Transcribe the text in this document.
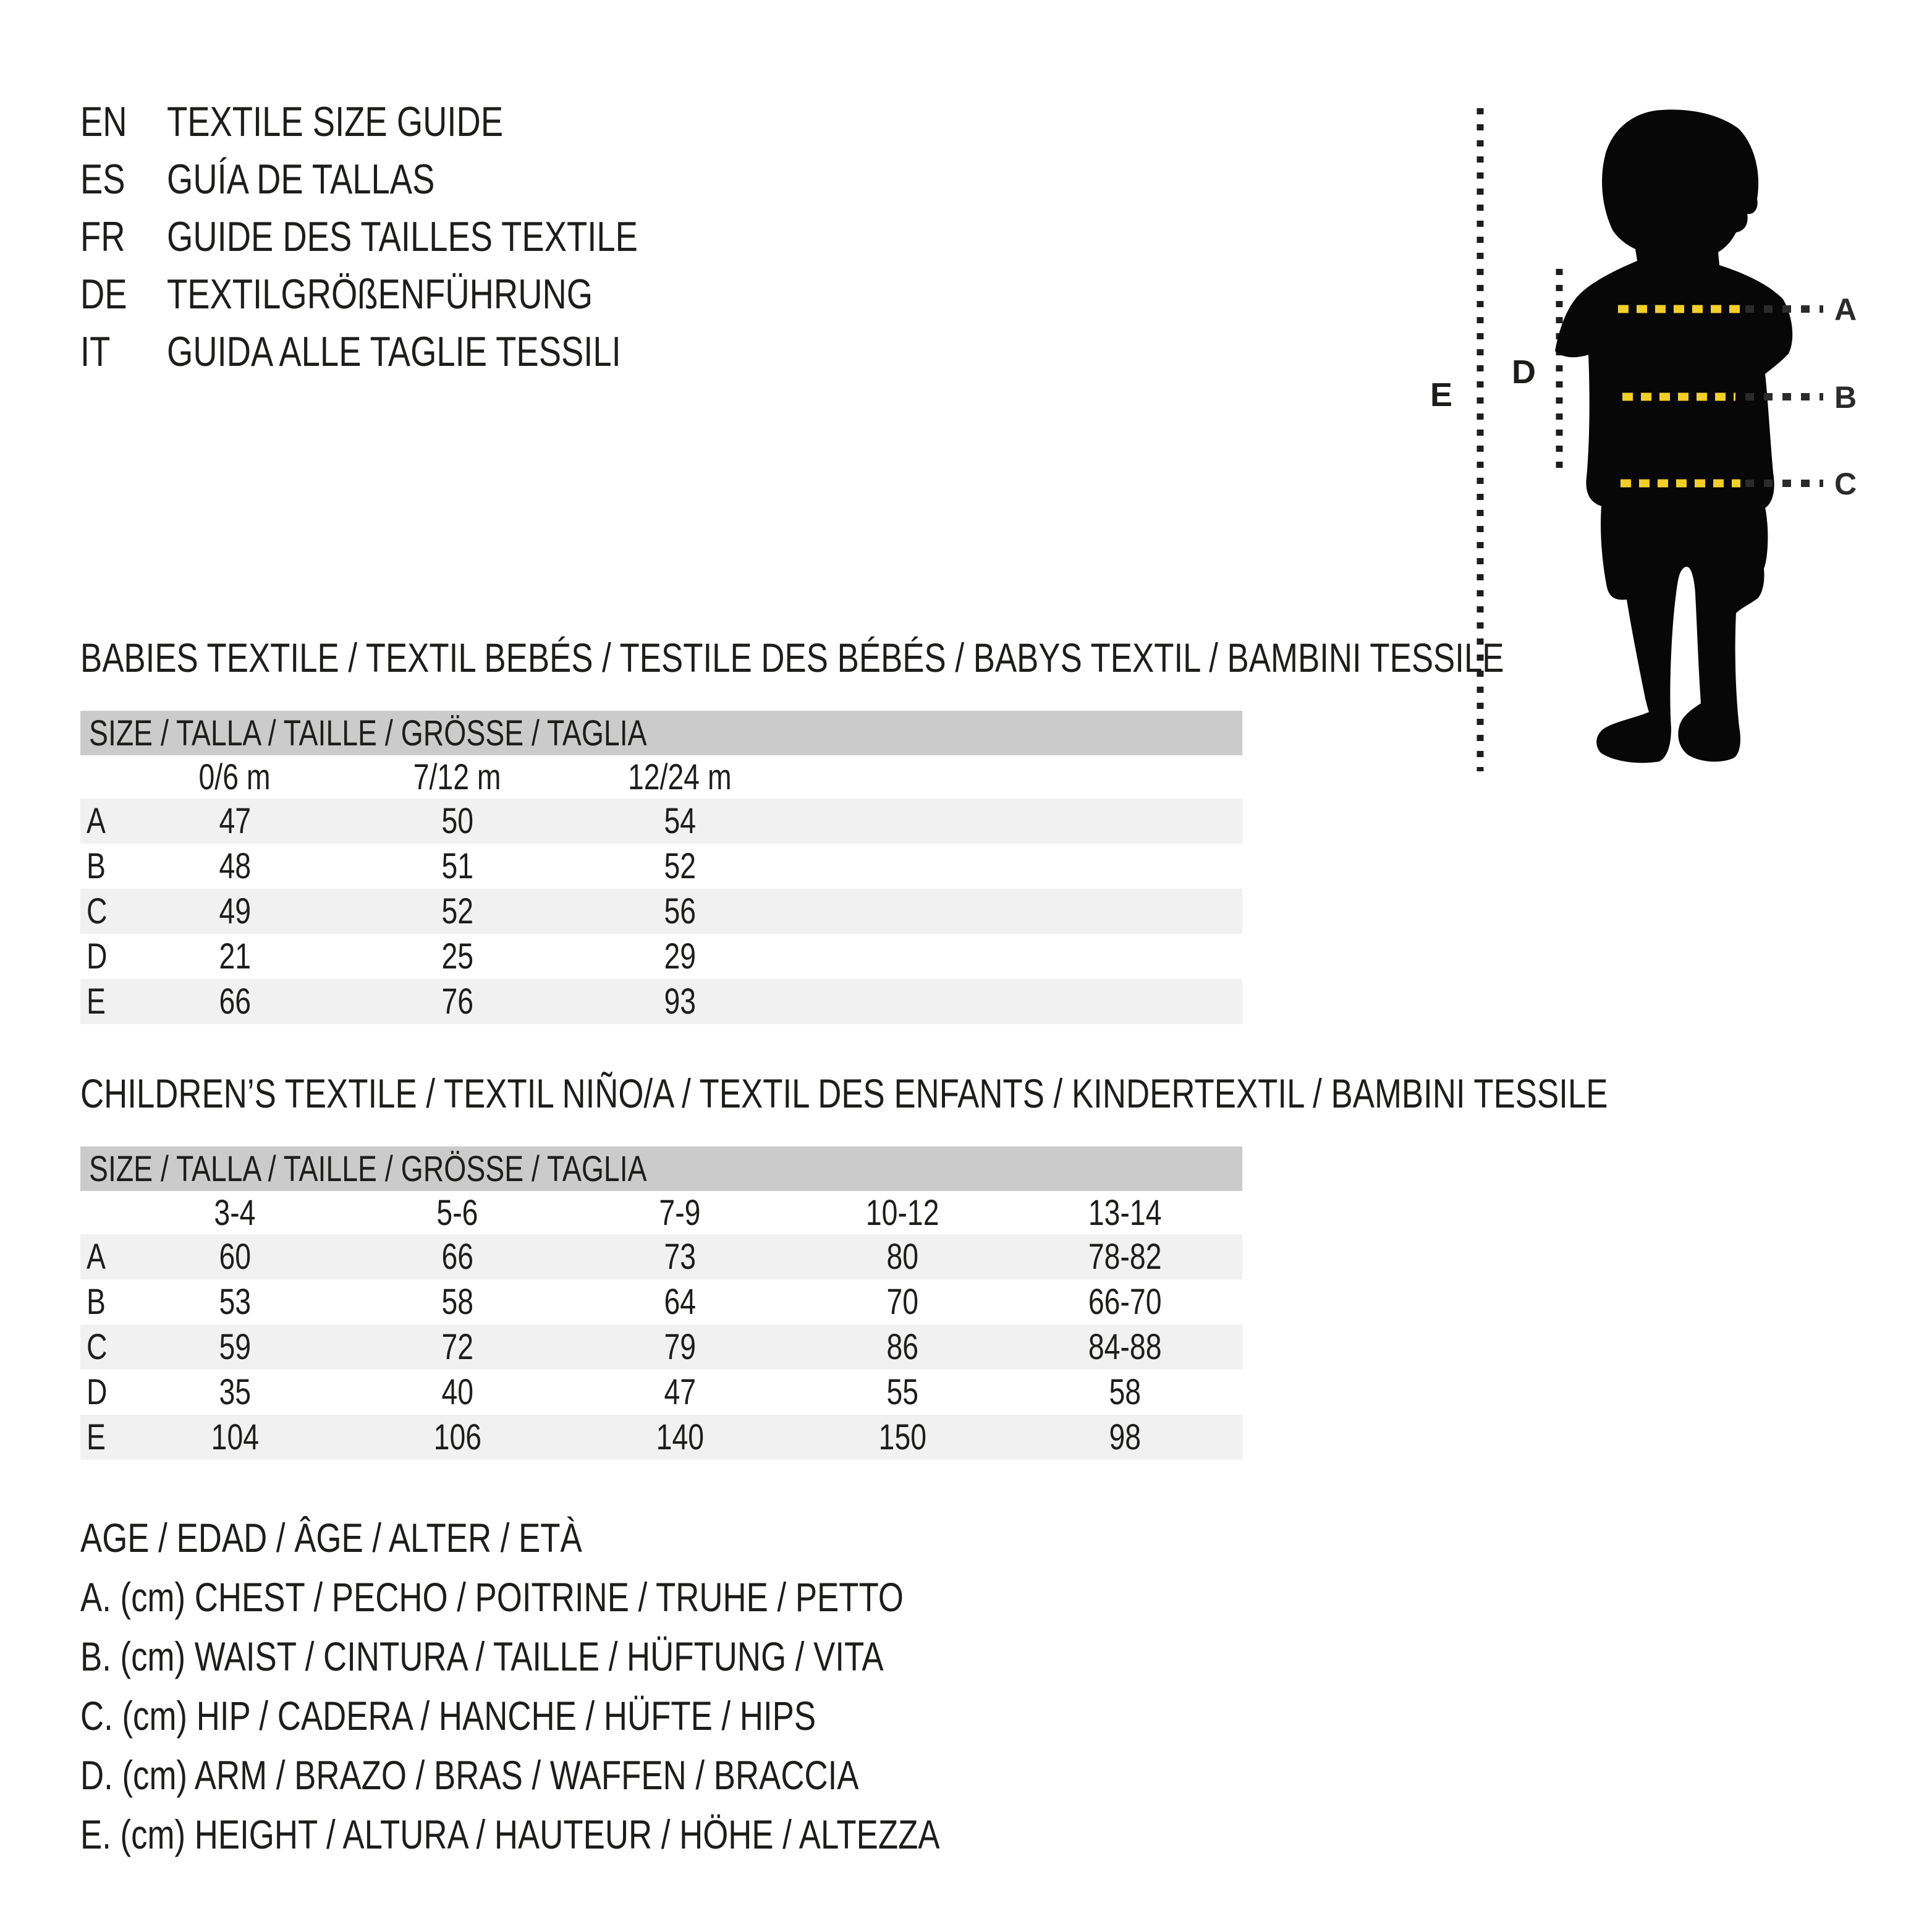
EN TEXTILE SIZE GUIDE
ES GUÍA DE TALLAS
FR GUIDE DES TAILLES TEXTILE
DE TEXTILGRÖßENFÜHRUNG
IT	GUIDA ALLE TAGLIE TESSILI
A
B
C
D
E
BABIES TEXTILE / TEXTIL BEBÉS / TESTILE DES BÉBÉS / BABYS TEXTIL / BAMBINI TESSILE
SIZE / TALLA / TAILLE / GRÖSSE / TAGLIA						
	0/6 m	7/12 m	12/24 m			
A	47	50	54			
B	48	51	52			
C	49	52	56			
D	21	25	29			
E	66	76	93			
CHILDREN’S TEXTILE / TEXTIL NIÑO/A / TEXTIL DES ENFANTS / KINDERTEXTIL / BAMBINI TESSILE
SIZE / TALLA / TAILLE / GRÖSSE / TAGLIA						
	3-4	5-6	7-9	10-12	13-14	
A	60	66	73	80	78-82	
B	53	58	64	70	66-70	
C	59	72	79	86	84-88	
D	35	40	47	55	58	
E	104	106	140	150	98	
AGE / EDAD / ÂGE / ALTER / ETÀ
A. (cm) CHEST / PECHO / POITRINE / TRUHE / PETTO
B. (cm) WAIST / CINTURA / TAILLE / HÜFTUNG / VITA
C. (cm) HIP / CADERA / HANCHE / HÜFTE / HIPS
D. (cm) ARM / BRAZO / BRAS / WAFFEN / BRACCIA
E. (cm) HEIGHT / ALTURA / HAUTEUR / HÖHE / ALTEZZA
